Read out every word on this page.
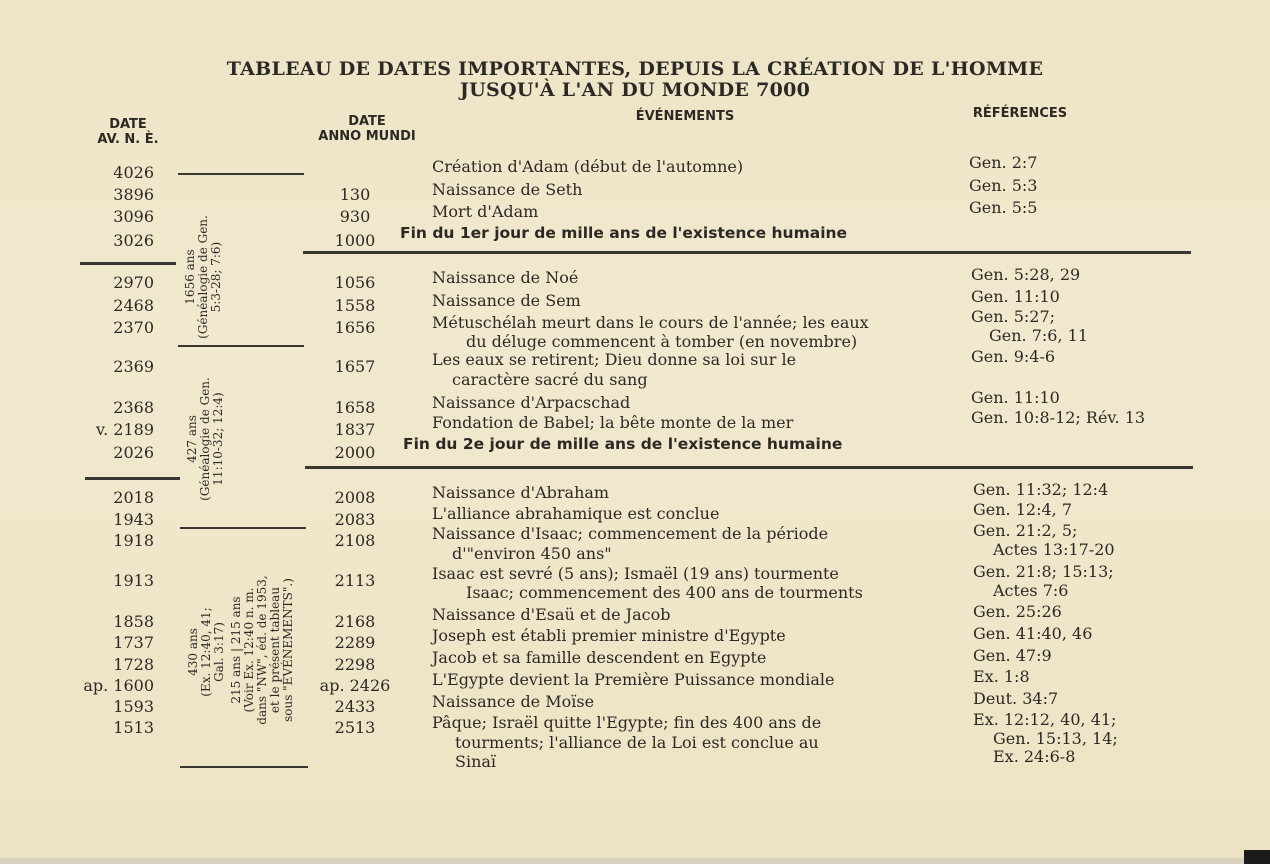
TABLEAU DE DATES IMPORTANTES, DEPUIS LA CRÉATION DE L'HOMME
JUSQU'À L'AN DU MONDE 7000
DATE
AV. N. È.
DATE
ANNO MUNDI
ÉVÉNEMENTS	RÉFÉRENCES
4026
3896
3096
3026
2970
2468
2370
2369
2368
v. 2189
2026
2018
1943
1918
1913
1858
1737
1728
ap. 1600
1593
1513
1656 ans (Généalogie de Gen. 5:3-28; 7:6)
427 ans (Généalogie de Gen. 11:10-32; 12:4)
430 ans (Ex. 12:40, 41; Gal. 3:17) 215 ans | 215 ans (Voir Ex. 12:40 n. m. dans "NW", éd. de 1953, et le présent tableau sous "ÉVÉNEMENTS".)
130
930
1000
1056
1558
1656
1657
1658
1837
2000
2008
2083
2108
2113
2168
2289
2298
ap. 2426
2433
2513
Création d'Adam (début de l'automne)
Naissance de Seth
Mort d'Adam
Fin du 1er jour de mille ans de l'existence humaine
Naissance de Noé
Naissance de Sem
Métuschélah meurt dans le cours de l'année; les eaux
du déluge commencent à tomber (en novembre)
Les eaux se retirent; Dieu donne sa loi sur le
caractère sacré du sang
Naissance d'Arpacschad
Fondation de Babel; la bête monte de la mer
Fin du 2e jour de mille ans de l'existence humaine
Naissance d'Abraham
L'alliance abrahamique est conclue
Naissance d'Isaac; commencement de la période
d'"environ 450 ans"
Isaac est sevré (5 ans); Ismaël (19 ans) tourmente
Isaac; commencement des 400 ans de tourments
Naissance d'Esaü et de Jacob
Joseph est établi premier ministre d'Egypte
Jacob et sa famille descendent en Egypte
L'Egypte devient la Première Puissance mondiale
Naissance de Moïse
Pâque; Israël quitte l'Egypte; fin des 400 ans de
tourments; l'alliance de la Loi est conclue au
Sinaï
Gen. 2:7
Gen. 5:3
Gen. 5:5
Gen. 5:28, 29
Gen. 11:10
Gen. 5:27;
Gen. 7:6, 11
Gen. 9:4-6
Gen. 11:10
Gen. 10:8-12; Rév. 13
Gen. 11:32; 12:4
Gen. 12:4, 7
Gen. 21:2, 5;
Actes 13:17-20
Gen. 21:8; 15:13;
Actes 7:6
Gen. 25:26
Gen. 41:40, 46
Gen. 47:9
Ex. 1:8
Deut. 34:7
Ex. 12:12, 40, 41;
Gen. 15:13, 14;
Ex. 24:6-8
